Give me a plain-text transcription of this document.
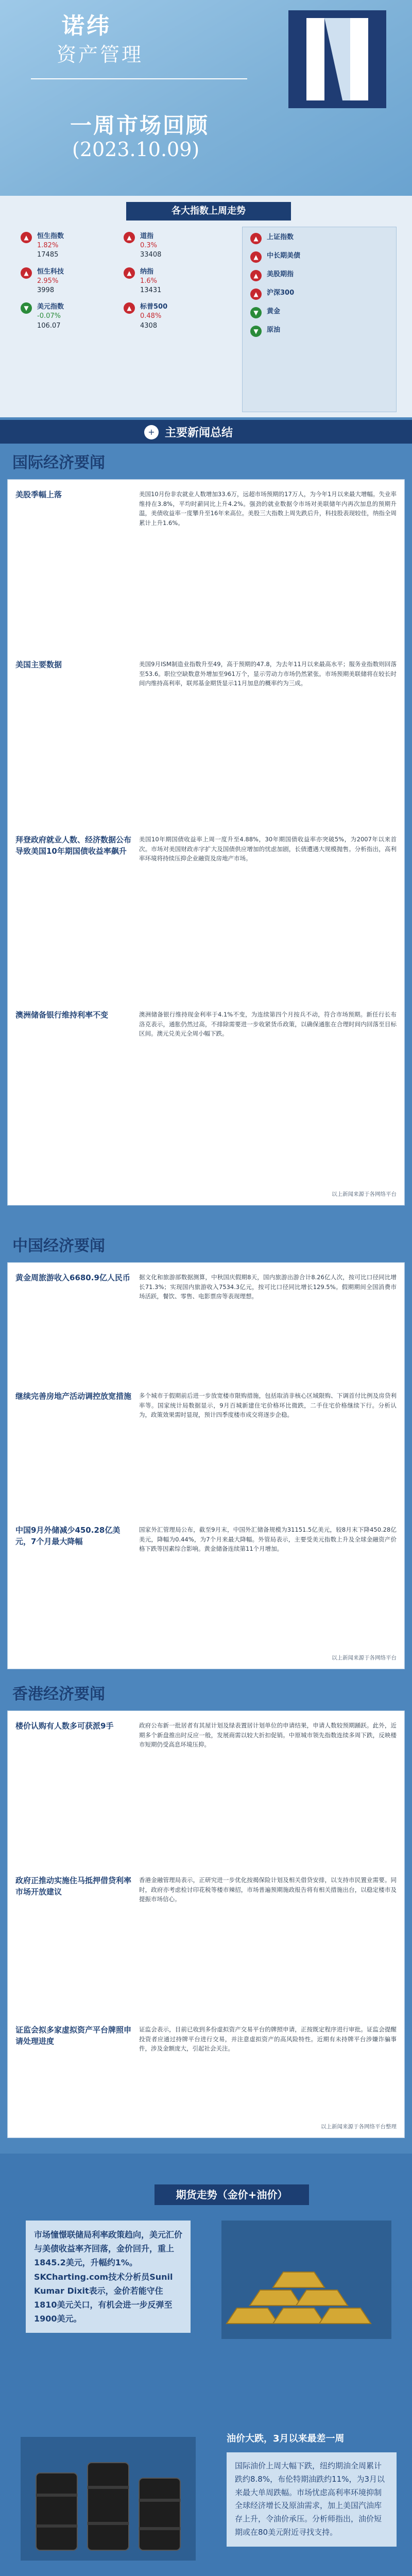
诺纬
资产管理
一周市场回顾
(2023.10.09)
各大指数上周走势
▲	恒生指数
1.82%
17485
▲	恒生科技
2.95%
3998
▼	美元指数
-0.07%
106.07
▲	道指
0.3%
33408
▲	纳指
1.6%
13431
▲	标普500
0.48%
4308
▲	上证指数
▲	中长期美债
▲	美股期指
▲	沪深300
▼	黄金
▼	原油
+ 主要新闻总结
国际经济要闻
美股季幅上落	美国10月份非农就业人数增加33.6万，远超市场预期的17万人，为今年1月以来最大增幅。失业率维持在3.8%，平均时薪同比上升4.2%。强劲的就业数据令市场对美联储年内再次加息的预期升温，美债收益率一度攀升至16年来高位。美股三大指数上周先跌后升，科技股表现较佳，纳指全周累计上升1.6%。
美国主要数据	美国9月ISM制造业指数升至49，高于预期的47.8，为去年11月以来最高水平；服务业指数则回落至53.6。职位空缺数意外增加至961万个，显示劳动力市场仍然紧张。市场预期美联储将在较长时间内维持高利率，联邦基金期货显示11月加息的概率约为三成。
拜登政府就业人数、经济数据公布导致美国10年期国债收益率飙升
美国10年期国债收益率上周一度升至4.88%，30年期国债收益率亦突破5%，为2007年以来首次。市场对美国财政赤字扩大及国债供应增加的忧虑加剧，长债遭遇大规模抛售。分析指出，高利率环境将持续压抑企业融资及房地产市场。
澳洲储备银行维持利率不变	澳洲储备银行维持现金利率于4.1%不变，为连续第四个月按兵不动，符合市场预期。新任行长布洛克表示，通胀仍然过高，不排除需要进一步收紧货币政策，以确保通胀在合理时间内回落至目标区间。澳元兑美元全周小幅下跌。
以上新闻来源于各网络平台
中国经济要闻
黄金周旅游收入6680.9亿人民币	据文化和旅游部数据测算，中秋国庆假期8天，国内旅游出游合计8.26亿人次，按可比口径同比增长71.3%；实现国内旅游收入7534.3亿元，按可比口径同比增长129.5%。假期期间全国消费市场活跃，餐饮、零售、电影票房等表现理想。
继续完善房地产活动调控放宽措施	多个城市于假期前后进一步放宽楼市限购措施，包括取消非核心区域限购、下调首付比例及房贷利率等。国家统计局数据显示，9月百城新建住宅价格环比微跌，二手住宅价格继续下行。分析认为，政策效果需时显现，预计四季度楼市成交将逐步企稳。
中国9月外储减少450.28亿美元，7个月最大降幅
国家外汇管理局公布，截至9月末，中国外汇储备规模为31151.5亿美元，较8月末下降450.28亿美元，降幅为0.44%，为7个月来最大降幅。外管局表示，主要受美元指数上升及全球金融资产价格下跌等因素综合影响。黄金储备连续第11个月增加。
以上新闻来源于各网络平台
香港经济要闻
楼价认购有人数多可获派9手	政府公布新一批居者有其屋计划及绿表置居计划单位的申请结果，申请人数较预期踊跃。此外，近期多个新盘推出时反应一般，发展商需以较大折扣促销。中原城市领先指数连续多周下跌，反映楼市短期仍受高息环境压抑。
政府正推动实施住马抵押借贷利率市场开放建议
香港金融管理局表示，正研究进一步优化按揭保险计划及相关借贷安排，以支持市民置业需要。同时，政府亦考虑检讨印花税等楼市辣招，市场普遍预期施政报告将有相关措施出台，以稳定楼市及提振市场信心。
证监会拟多家虚拟资产平台牌照申请处理进度
证监会表示，目前已收到多份虚拟资产交易平台的牌照申请，正按既定程序进行审批。证监会提醒投资者应通过持牌平台进行交易，并注意虚拟资产的高风险特性。近期有未持牌平台涉嫌诈骗事件，涉及金额庞大，引起社会关注。
以上新闻来源于各网络平台整理
期货走势（金价+油价）
市场憧憬联储局利率政策趋向，美元汇价与美债收益率齐回落，金价回升，重上1845.2美元，升幅约1%。SKCharting.com技术分析员Sunil Kumar Dixit表示，金价若能守住1810美元关口，有机会进一步反弹至1900美元。
油价大跌，3月以来最差一周
国际油价上周大幅下跌，纽约期油全周累计跌约8.8%，布伦特期油跌约11%，为3月以来最大单周跌幅。市场忧虑高利率环境抑制全球经济增长及原油需求，加上美国汽油库存上升，令油价承压。分析师指出，油价短期或在80美元附近寻找支持。
